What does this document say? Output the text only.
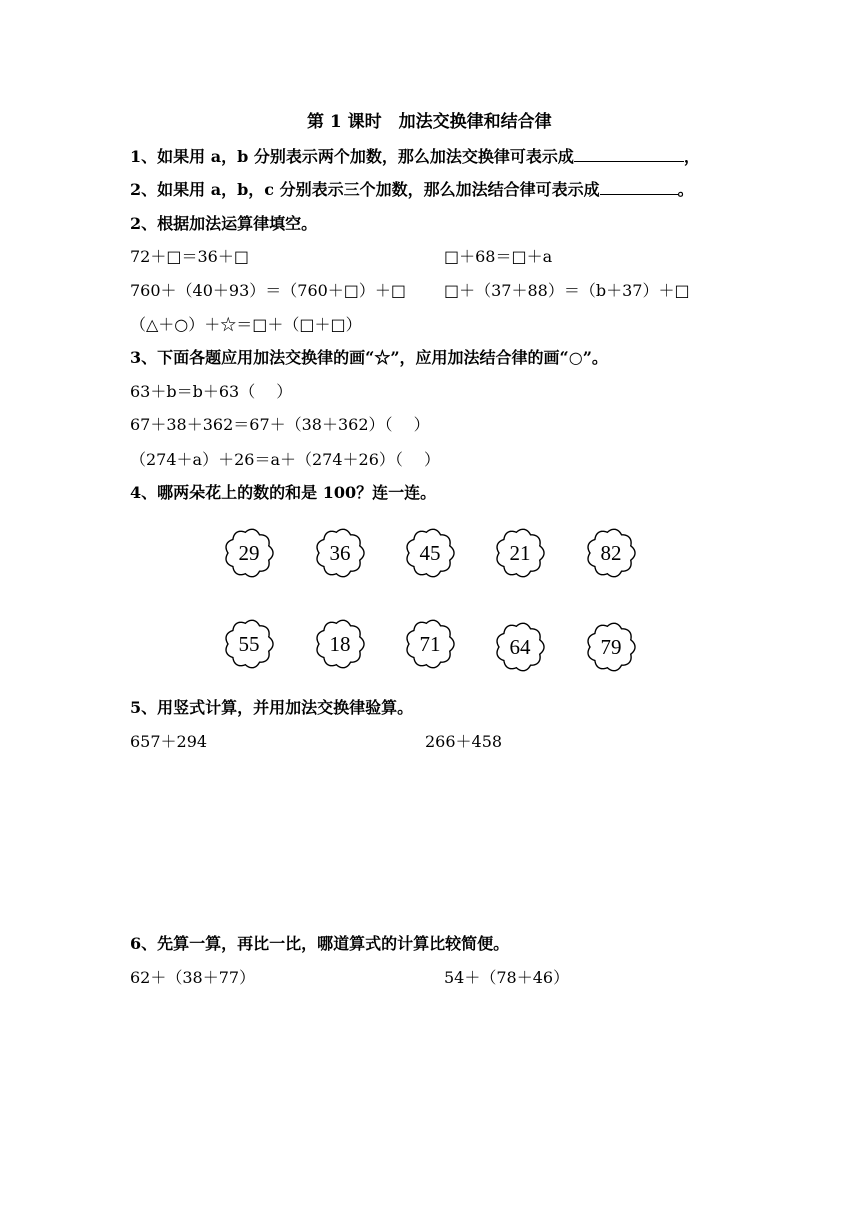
第 1 课时　加法交换律和结合律
1、如果用 a，b 分别表示两个加数，那么加法交换律可表示成	，
2、如果用 a，b，c 分别表示三个加数，那么加法结合律可表示成	。
2、根据加法运算律填空。
72＋□＝36＋□	□＋68＝□＋a
760＋（40＋93）＝（760＋□）＋□ □＋（37＋88）＝（b＋37）＋□
（△＋○）＋☆＝□＋（□＋□）
3、下面各题应用加法交换律的画“☆”，应用加法结合律的画“○”。
63＋b＝b＋63（　 ）
67＋38＋362＝67＋（38＋362）（　 ）
（274＋a）＋26＝a＋（274＋26）（　 ）
4、哪两朵花上的数的和是 100？连一连。
29	36	45	21	82
55	18	71	64	79
5、用竖式计算，并用加法交换律验算。
657＋294	266＋458
6、先算一算，再比一比，哪道算式的计算比较简便。
62＋（38＋77）	54＋（78＋46）
